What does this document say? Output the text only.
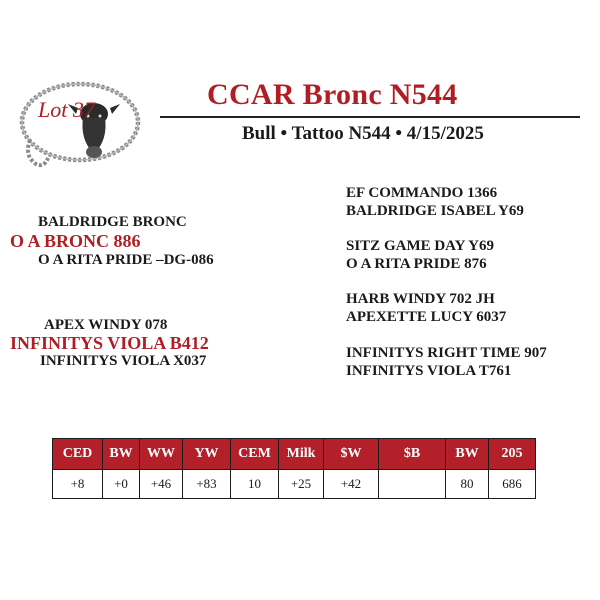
Lot 37	CCAR Bronc N544
Bull • Tattoo N544 • 4/15/2025
BALDRIDGE BRONC
O A BRONC 886
O A RITA PRIDE –DG-086
APEX WINDY 078
INFINITYS VIOLA B412
INFINITYS VIOLA X037
EF COMMANDO 1366
BALDRIDGE ISABEL Y69
SITZ GAME DAY Y69
O A RITA PRIDE 876
HARB WINDY 702 JH
APEXETTE LUCY 6037
INFINITYS RIGHT TIME 907
INFINITYS VIOLA T761
CED	BW	WW	YW	CEM	Milk	$W	$B	BW	205
+8	+0	+46	+83	10	+25	+42		80	686
